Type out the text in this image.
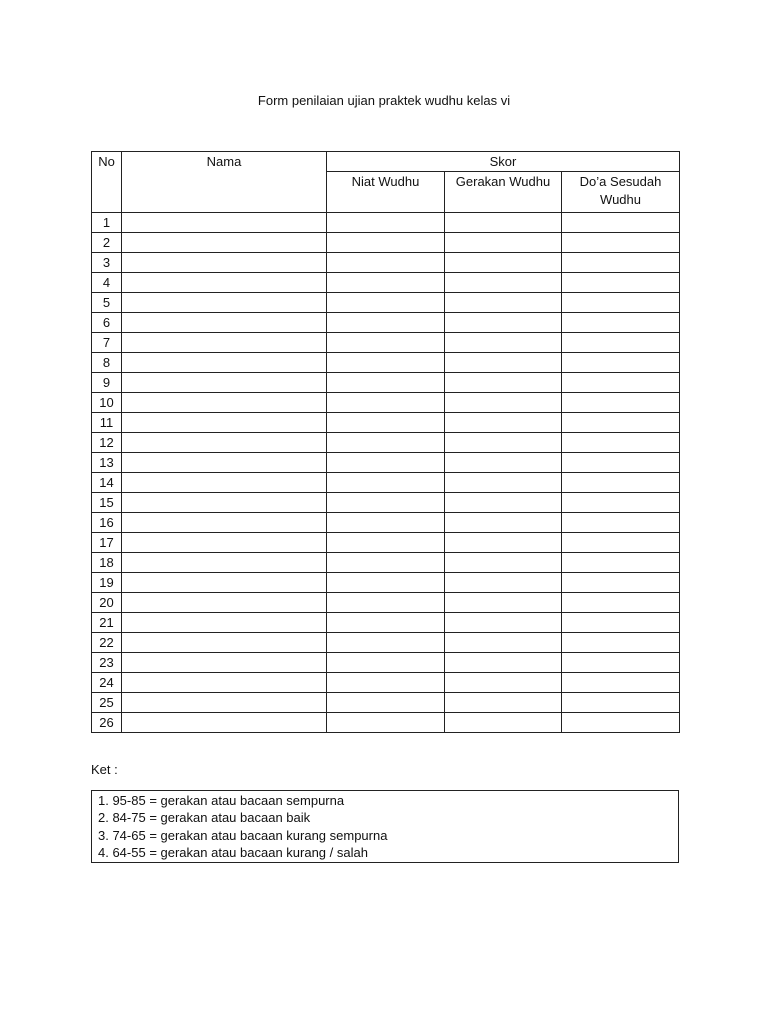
Form penilaian ujian praktek wudhu kelas vi
No	Nama	Skor		
		Niat Wudhu	Gerakan Wudhu	Do’a Sesudah Wudhu
1				
2				
3				
4				
5				
6				
7				
8				
9				
10				
11				
12				
13				
14				
15				
16				
17				
18				
19				
20				
21				
22				
23				
24				
25				
26				
Ket :
1. 95-85 = gerakan atau bacaan sempurna
2. 84-75 = gerakan atau bacaan baik
3. 74-65 = gerakan atau bacaan kurang sempurna
4. 64-55 = gerakan atau bacaan kurang / salah
